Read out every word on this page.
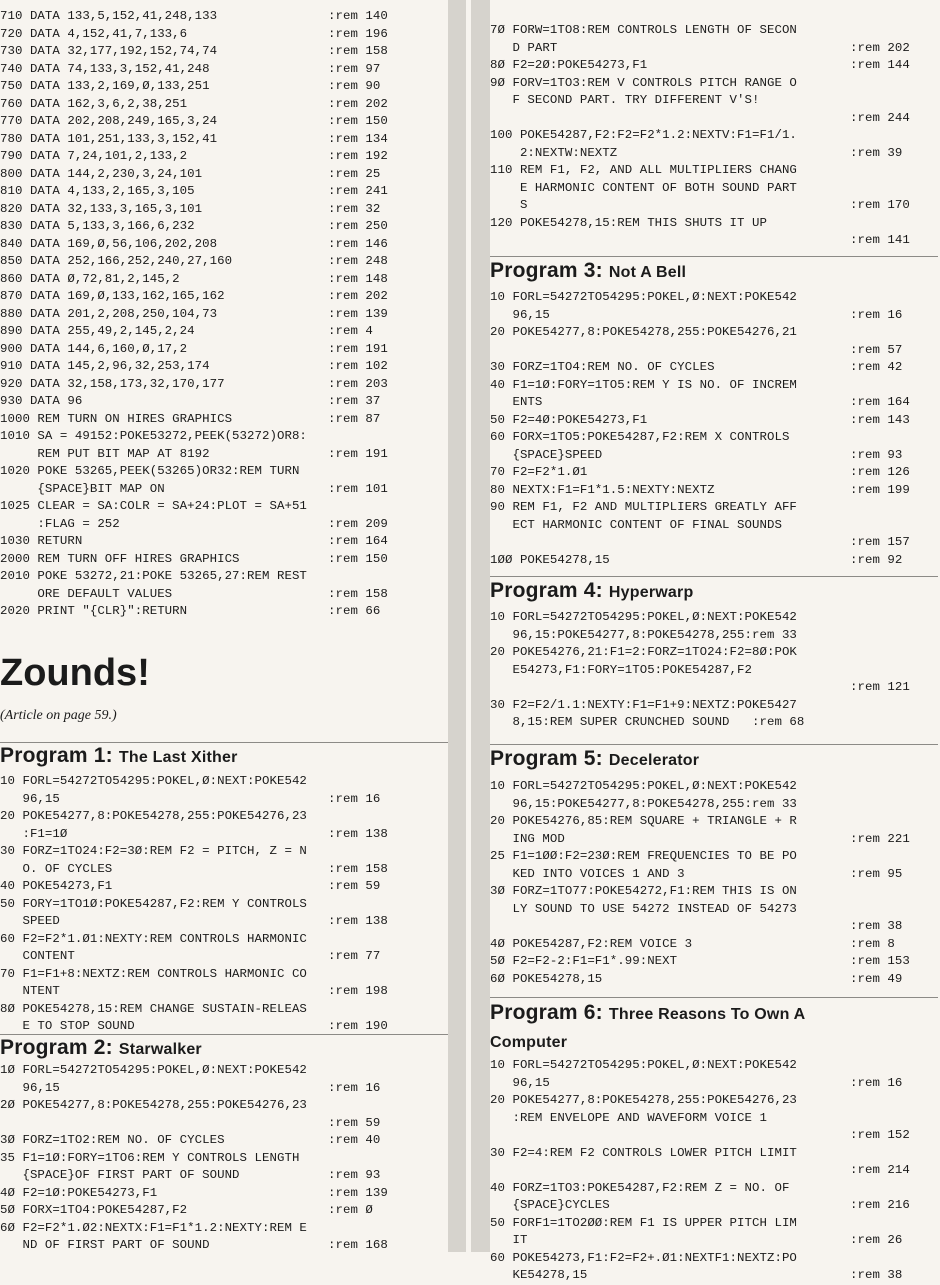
710 DATA 133,5,152,41,248,133	:rem 140
720 DATA 4,152,41,7,133,6	:rem 196
730 DATA 32,177,192,152,74,74	:rem 158
740 DATA 74,133,3,152,41,248	:rem 97
750 DATA 133,2,169,Ø,133,251	:rem 90
760 DATA 162,3,6,2,38,251	:rem 202
770 DATA 202,208,249,165,3,24	:rem 150
780 DATA 101,251,133,3,152,41	:rem 134
790 DATA 7,24,101,2,133,2	:rem 192
800 DATA 144,2,230,3,24,101	:rem 25
810 DATA 4,133,2,165,3,105	:rem 241
820 DATA 32,133,3,165,3,101	:rem 32
830 DATA 5,133,3,166,6,232	:rem 250
840 DATA 169,Ø,56,106,202,208	:rem 146
850 DATA 252,166,252,240,27,160	:rem 248
860 DATA Ø,72,81,2,145,2	:rem 148
870 DATA 169,Ø,133,162,165,162	:rem 202
880 DATA 201,2,208,250,104,73	:rem 139
890 DATA 255,49,2,145,2,24	:rem 4
900 DATA 144,6,160,Ø,17,2	:rem 191
910 DATA 145,2,96,32,253,174	:rem 102
920 DATA 32,158,173,32,170,177	:rem 203
930 DATA 96	:rem 37
1000 REM TURN ON HIRES GRAPHICS	:rem 87
1010 SA = 49152:POKE53272,PEEK(53272)OR8:
REM PUT BIT MAP AT 8192	:rem 191
1020 POKE 53265,PEEK(53265)OR32:REM TURN
{SPACE}BIT MAP ON	:rem 101
1025 CLEAR = SA:COLR = SA+24:PLOT = SA+51
:FLAG = 252	:rem 209
1030 RETURN	:rem 164
2000 REM TURN OFF HIRES GRAPHICS	:rem 150
2010 POKE 53272,21:POKE 53265,27:REM REST
ORE DEFAULT VALUES	:rem 158
2020 PRINT "{CLR}":RETURN	:rem 66
Zounds!
(Article on page 59.)
Program 1: The Last Xither
10 FORL=54272TO54295:POKEL,Ø:NEXT:POKE542
96,15	:rem 16
20 POKE54277,8:POKE54278,255:POKE54276,23
:F1=1Ø	:rem 138
30 FORZ=1TO24:F2=3Ø:REM F2 = PITCH, Z = N
O. OF CYCLES	:rem 158
40 POKE54273,F1	:rem 59
50 FORY=1TO1Ø:POKE54287,F2:REM Y CONTROLS
SPEED	:rem 138
60 F2=F2*1.Ø1:NEXTY:REM CONTROLS HARMONIC
CONTENT	:rem 77
70 F1=F1+8:NEXTZ:REM CONTROLS HARMONIC CO
NTENT	:rem 198
8Ø POKE54278,15:REM CHANGE SUSTAIN-RELEAS
E TO STOP SOUND	:rem 190
Program 2: Starwalker
1Ø FORL=54272TO54295:POKEL,Ø:NEXT:POKE542
96,15	:rem 16
2Ø POKE54277,8:POKE54278,255:POKE54276,23
:rem 59
3Ø FORZ=1TO2:REM NO. OF CYCLES	:rem 40
35 F1=1Ø:FORY=1TO6:REM Y CONTROLS LENGTH
{SPACE}OF FIRST PART OF SOUND	:rem 93
4Ø F2=1Ø:POKE54273,F1	:rem 139
5Ø FORX=1TO4:POKE54287,F2	:rem Ø
6Ø F2=F2*1.Ø2:NEXTX:F1=F1*1.2:NEXTY:REM E
ND OF FIRST PART OF SOUND	:rem 168
7Ø FORW=1TO8:REM CONTROLS LENGTH OF SECON
D PART	:rem 202
8Ø F2=2Ø:POKE54273,F1	:rem 144
9Ø FORV=1TO3:REM V CONTROLS PITCH RANGE O
F SECOND PART. TRY DIFFERENT V'S!
:rem 244
100 POKE54287,F2:F2=F2*1.2:NEXTV:F1=F1/1.
2:NEXTW:NEXTZ	:rem 39
110 REM F1, F2, AND ALL MULTIPLIERS CHANG
E HARMONIC CONTENT OF BOTH SOUND PART
S	:rem 170
120 POKE54278,15:REM THIS SHUTS IT UP
:rem 141
Program 3: Not A Bell
10 FORL=54272TO54295:POKEL,Ø:NEXT:POKE542
96,15	:rem 16
20 POKE54277,8:POKE54278,255:POKE54276,21
:rem 57
30 FORZ=1TO4:REM NO. OF CYCLES	:rem 42
40 F1=1Ø:FORY=1TO5:REM Y IS NO. OF INCREM
ENTS	:rem 164
50 F2=4Ø:POKE54273,F1	:rem 143
60 FORX=1TO5:POKE54287,F2:REM X CONTROLS
{SPACE}SPEED	:rem 93
70 F2=F2*1.Ø1	:rem 126
80 NEXTX:F1=F1*1.5:NEXTY:NEXTZ	:rem 199
90 REM F1, F2 AND MULTIPLIERS GREATLY AFF
ECT HARMONIC CONTENT OF FINAL SOUNDS
:rem 157
1ØØ POKE54278,15	:rem 92
Program 4: Hyperwarp
10 FORL=54272TO54295:POKEL,Ø:NEXT:POKE542
96,15:POKE54277,8:POKE54278,255:rem 33
20 POKE54276,21:F1=2:FORZ=1TO24:F2=8Ø:POK
E54273,F1:FORY=1TO5:POKE54287,F2
:rem 121
30 F2=F2/1.1:NEXTY:F1=F1+9:NEXTZ:POKE5427
8,15:REM SUPER CRUNCHED SOUND   :rem 68
Program 5: Decelerator
10 FORL=54272TO54295:POKEL,Ø:NEXT:POKE542
96,15:POKE54277,8:POKE54278,255:rem 33
20 POKE54276,85:REM SQUARE + TRIANGLE + R
ING MOD	:rem 221
25 F1=1ØØ:F2=23Ø:REM FREQUENCIES TO BE PO
KED INTO VOICES 1 AND 3	:rem 95
3Ø FORZ=1TO77:POKE54272,F1:REM THIS IS ON
LY SOUND TO USE 54272 INSTEAD OF 54273
:rem 38
4Ø POKE54287,F2:REM VOICE 3	:rem 8
5Ø F2=F2-2:F1=F1*.99:NEXT	:rem 153
6Ø POKE54278,15	:rem 49
Program 6: Three Reasons To Own A
Computer
10 FORL=54272TO54295:POKEL,Ø:NEXT:POKE542
96,15	:rem 16
20 POKE54277,8:POKE54278,255:POKE54276,23
:REM ENVELOPE AND WAVEFORM VOICE 1
:rem 152
30 F2=4:REM F2 CONTROLS LOWER PITCH LIMIT
:rem 214
40 FORZ=1TO3:POKE54287,F2:REM Z = NO. OF
{SPACE}CYCLES	:rem 216
50 FORF1=1TO2ØØ:REM F1 IS UPPER PITCH LIM
IT	:rem 26
60 POKE54273,F1:F2=F2+.Ø1:NEXTF1:NEXTZ:PO
KE54278,15	:rem 38
